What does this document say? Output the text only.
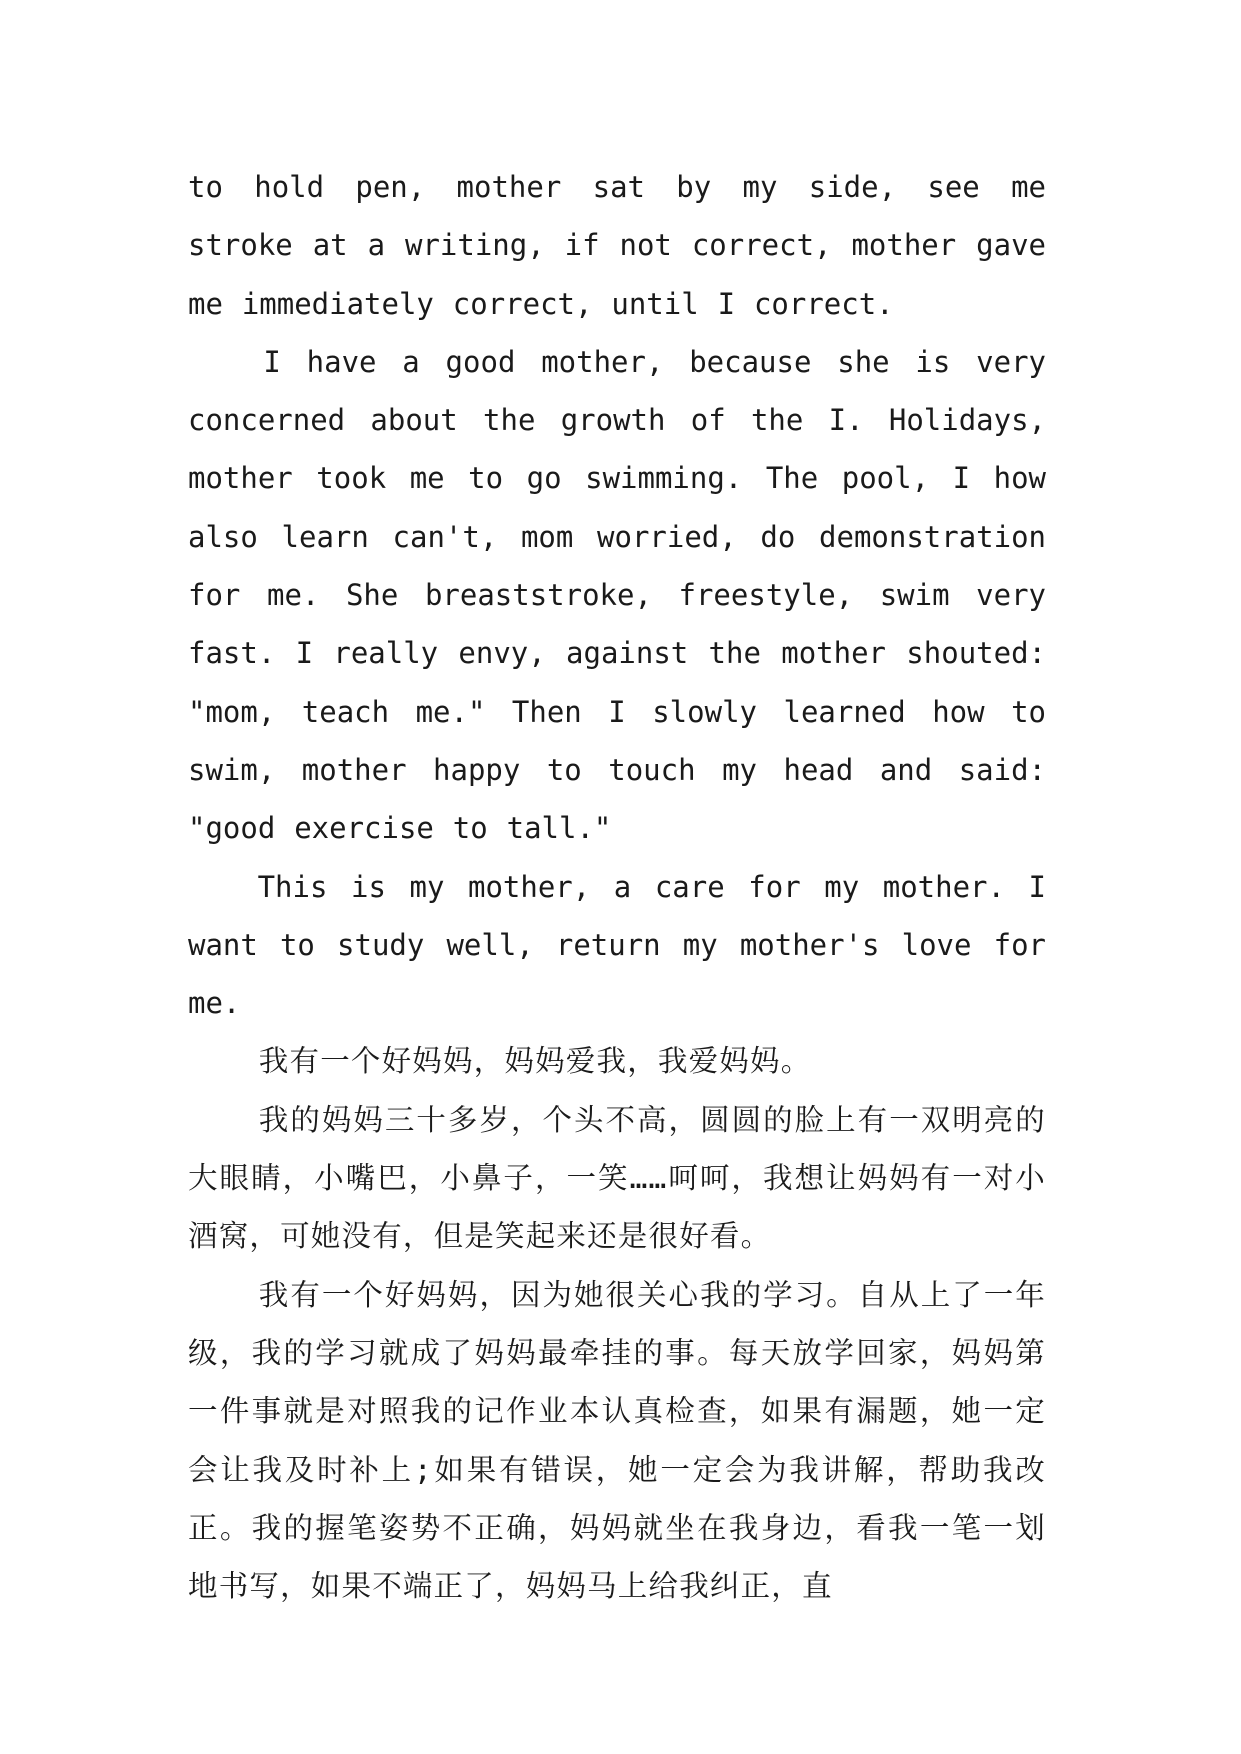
to hold pen, mother sat by my side, see me stroke at a writing, if not correct, mother gave me immediately correct, until I correct.

I have a good mother, because she is very concerned about the growth of the I. Holidays, mother took me to go swimming. The pool, I how also learn can't, mom worried, do demonstration for me. She breaststroke, freestyle, swim very fast. I really envy, against the mother shouted: "mom, teach me." Then I slowly learned how to swim, mother happy to touch my head and said: "good exercise to tall."

This is my mother, a care for my mother. I want to study well, return my mother's love for me.

我有一个好妈妈，妈妈爱我，我爱妈妈。

我的妈妈三十多岁，个头不高，圆圆的脸上有一双明亮的大眼睛，小嘴巴，小鼻子，一笑……呵呵，我想让妈妈有一对小酒窝，可她没有，但是笑起来还是很好看。

我有一个好妈妈，因为她很关心我的学习。自从上了一年级，我的学习就成了妈妈最牵挂的事。每天放学回家，妈妈第一件事就是对照我的记作业本认真检查，如果有漏题，她一定会让我及时补上;如果有错误，她一定会为我讲解，帮助我改正。我的握笔姿势不正确，妈妈就坐在我身边，看我一笔一划地书写，如果不端正了，妈妈马上给我纠正，直
